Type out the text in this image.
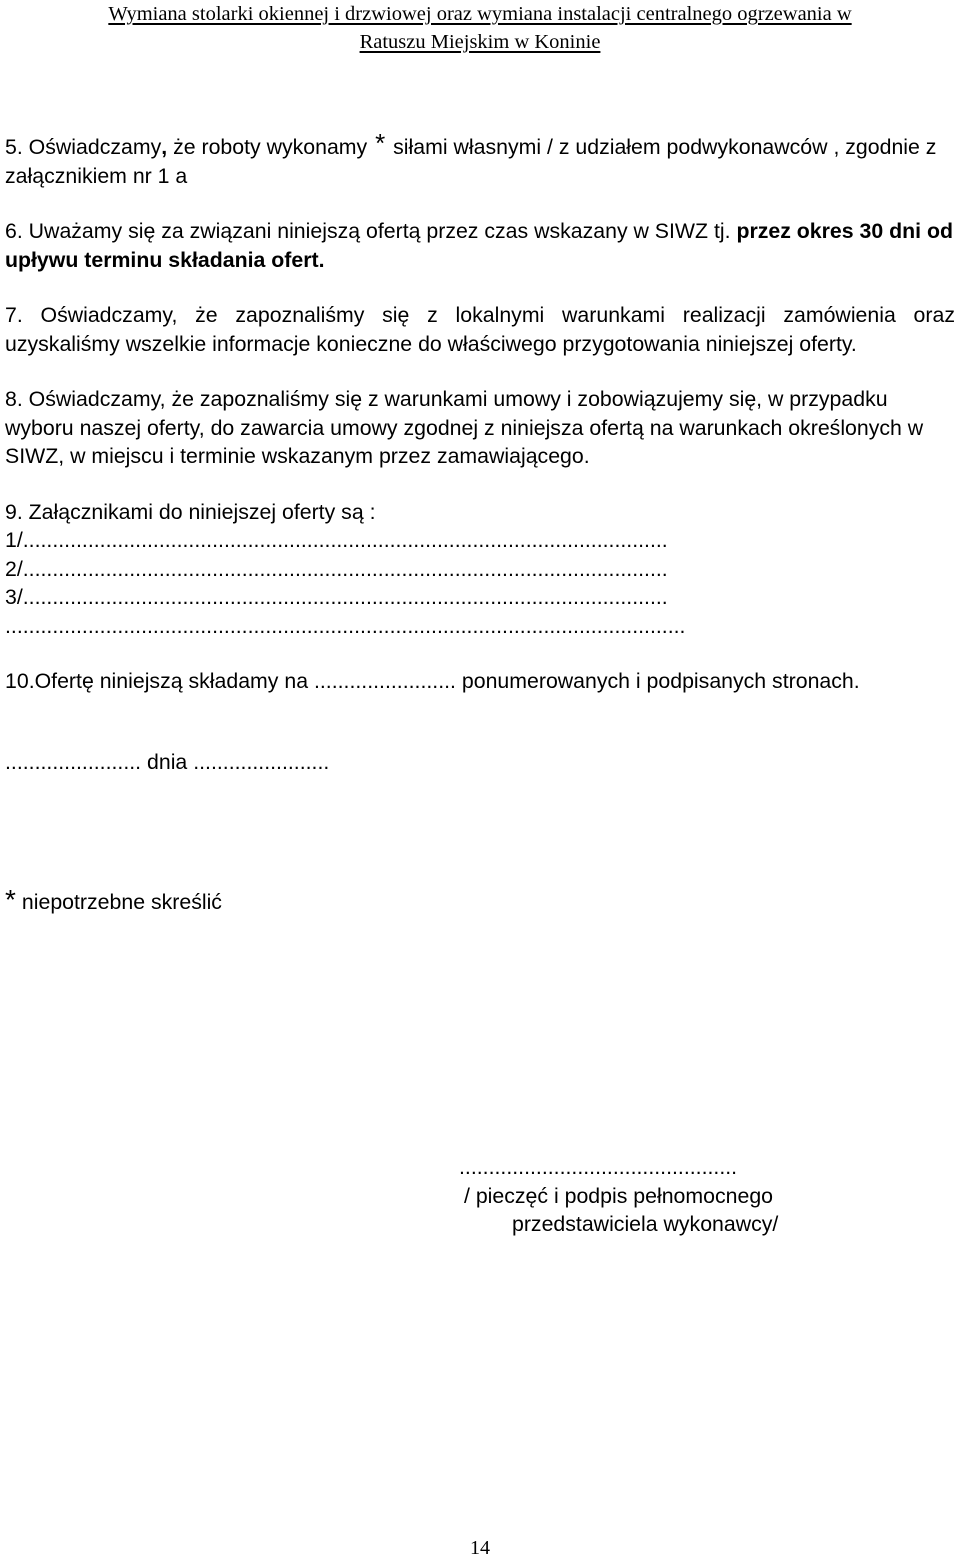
Wymiana stolarki okiennej i drzwiowej oraz wymiana instalacji centralnego ogrzewania w
Ratuszu Miejskim w Koninie

5. Oświadczamy, że roboty wykonamy * siłami własnymi / z udziałem podwykonawców , zgodnie z załącznikiem nr 1 a

6. Uważamy się za związani niniejszą ofertą przez czas wskazany w SIWZ tj. przez okres 30 dni od upływu terminu składania ofert.

7. Oświadczamy, że zapoznaliśmy się z lokalnymi warunkami realizacji zamówienia oraz uzyskaliśmy wszelkie informacje konieczne do właściwego przygotowania niniejszej oferty.

8. Oświadczamy, że zapoznaliśmy się z warunkami umowy i zobowiązujemy się, w przypadku wyboru naszej oferty, do zawarcia umowy zgodnej z niniejsza ofertą na warunkach określonych w SIWZ, w miejscu i terminie wskazanym przez zamawiającego.

9. Załącznikami do niniejszej oferty są :

1/.............................................................................................................

2/.............................................................................................................

3/.............................................................................................................

...................................................................................................................

10.Ofertę niniejszą składamy na ........................ ponumerowanych i podpisanych stronach.

....................... dnia .......................

* niepotrzebne skreślić

...............................................
/ pieczęć i podpis pełnomocnego
przedstawiciela wykonawcy/
14
